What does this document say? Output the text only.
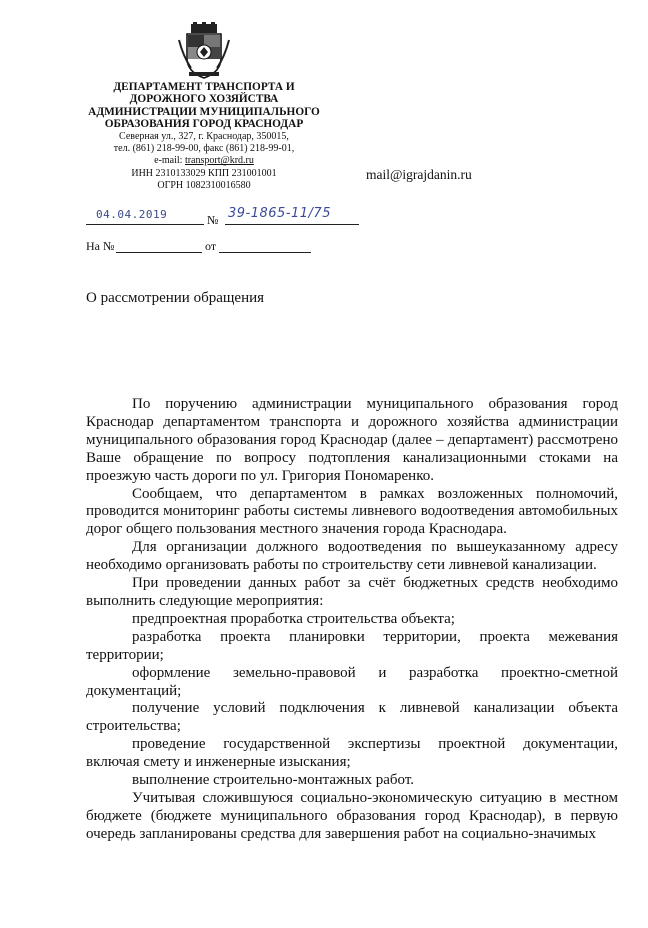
ДЕПАРТАМЕНТ ТРАНСПОРТА И
ДОРОЖНОГО ХОЗЯЙСТВА
АДМИНИСТРАЦИИ МУНИЦИПАЛЬНОГО
ОБРАЗОВАНИЯ ГОРОД КРАСНОДАР
Северная ул., 327, г. Краснодар, 350015,
тел. (861) 218-99-00, факс (861) 218-99-01,
e-mail: transport@krd.ru
ИНН 2310133029 КПП 231001001
ОГРН 1082310016580
mail@igrajdanin.ru
04.04.2019	№ 39-1865-11/75
На №	от
О рассмотрении обращения

По поручению администрации муниципального образования город Краснодар департаментом транспорта и дорожного хозяйства администрации муниципального образования город Краснодар (далее – департамент) рассмотрено Ваше обращение по вопросу подтопления канализационными стоками на проезжую часть дороги по ул. Григория Пономаренко.

Сообщаем, что департаментом в рамках возложенных полномочий, проводится мониторинг работы системы ливневого водоотведения автомобильных дорог общего пользования местного значения города Краснодара.

Для организации должного водоотведения по вышеуказанному адресу необходимо организовать работы по строительству сети ливневой канализации.

При проведении данных работ за счёт бюджетных средств необходимо выполнить следующие мероприятия:

предпроектная проработка строительства объекта;

разработка проекта планировки территории, проекта межевания территории;

оформление земельно-правовой и разработка проектно-сметной документаций;

получение условий подключения к ливневой канализации объекта строительства;

проведение государственной экспертизы проектной документации, включая смету и инженерные изыскания;

выполнение строительно-монтажных работ.

Учитывая сложившуюся социально-экономическую ситуацию в местном бюджете (бюджете муниципального образования город Краснодар), в первую очередь запланированы средства для завершения работ на социально-значимых
